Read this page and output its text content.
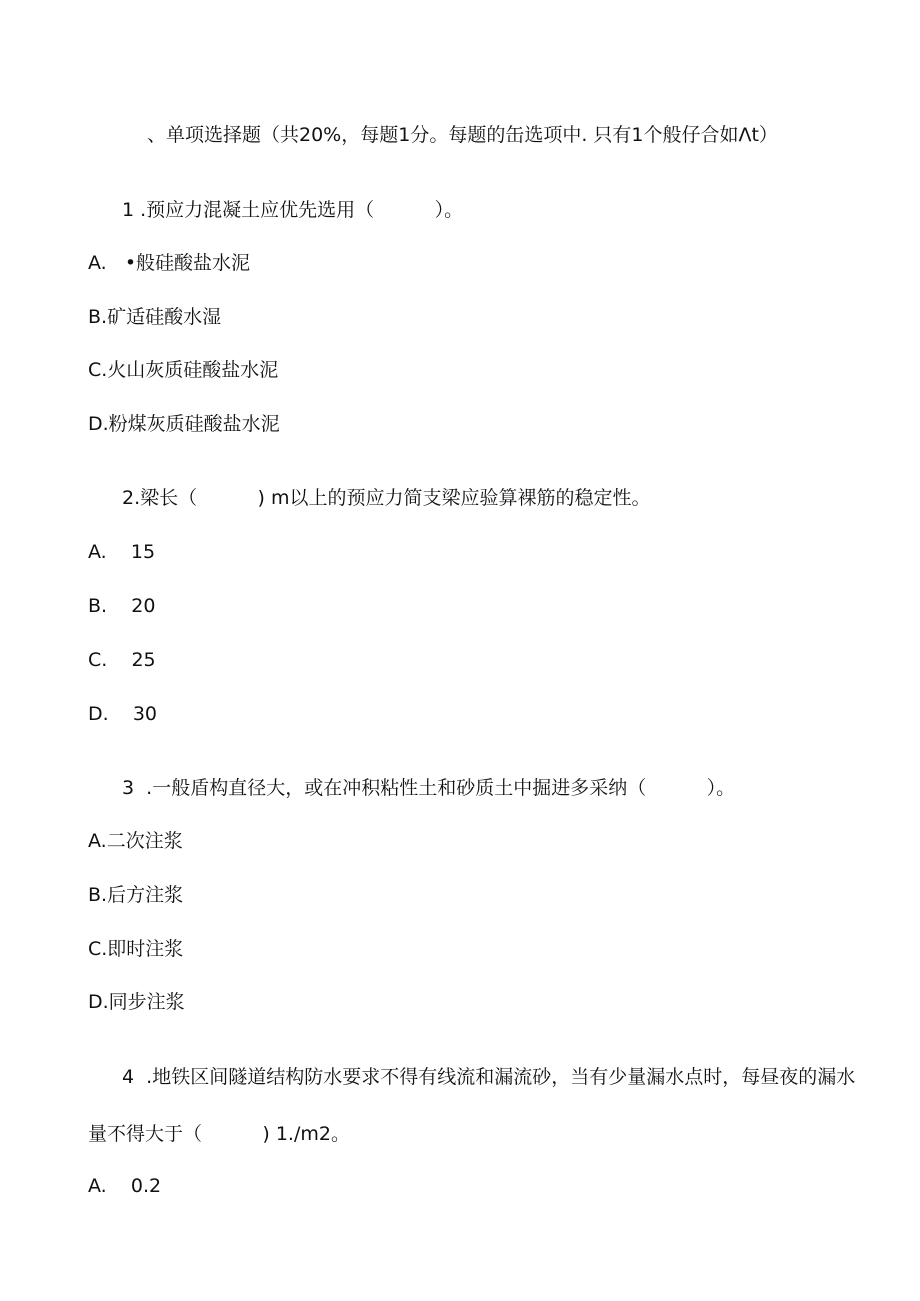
、单项选择题（共20%，每题1分。每题的缶选项中. 只有1个般仔合如Λt）
1 .预应力混凝土应优先选用（          ）。
A.   •般硅酸盐水泥
B.矿适硅酸水湿
C.火山灰质硅酸盐水泥
D.粉煤灰质硅酸盐水泥
2.梁长（          ) m以上的预应力简支梁应验算裸筋的稳定性。
A.    15
B.    20
C.    25
D.    30
3  .一般盾构直径大，或在冲积粘性土和砂质土中掘进多采纳（          ）。
A.二次注浆
B.后方注浆
C.即时注浆
D.同步注浆
4  .地铁区间隧道结构防水要求不得有线流和漏流砂，当有少量漏水点时，每昼夜的漏水
量不得大于（          ) 1./m2。
A.    0.2
